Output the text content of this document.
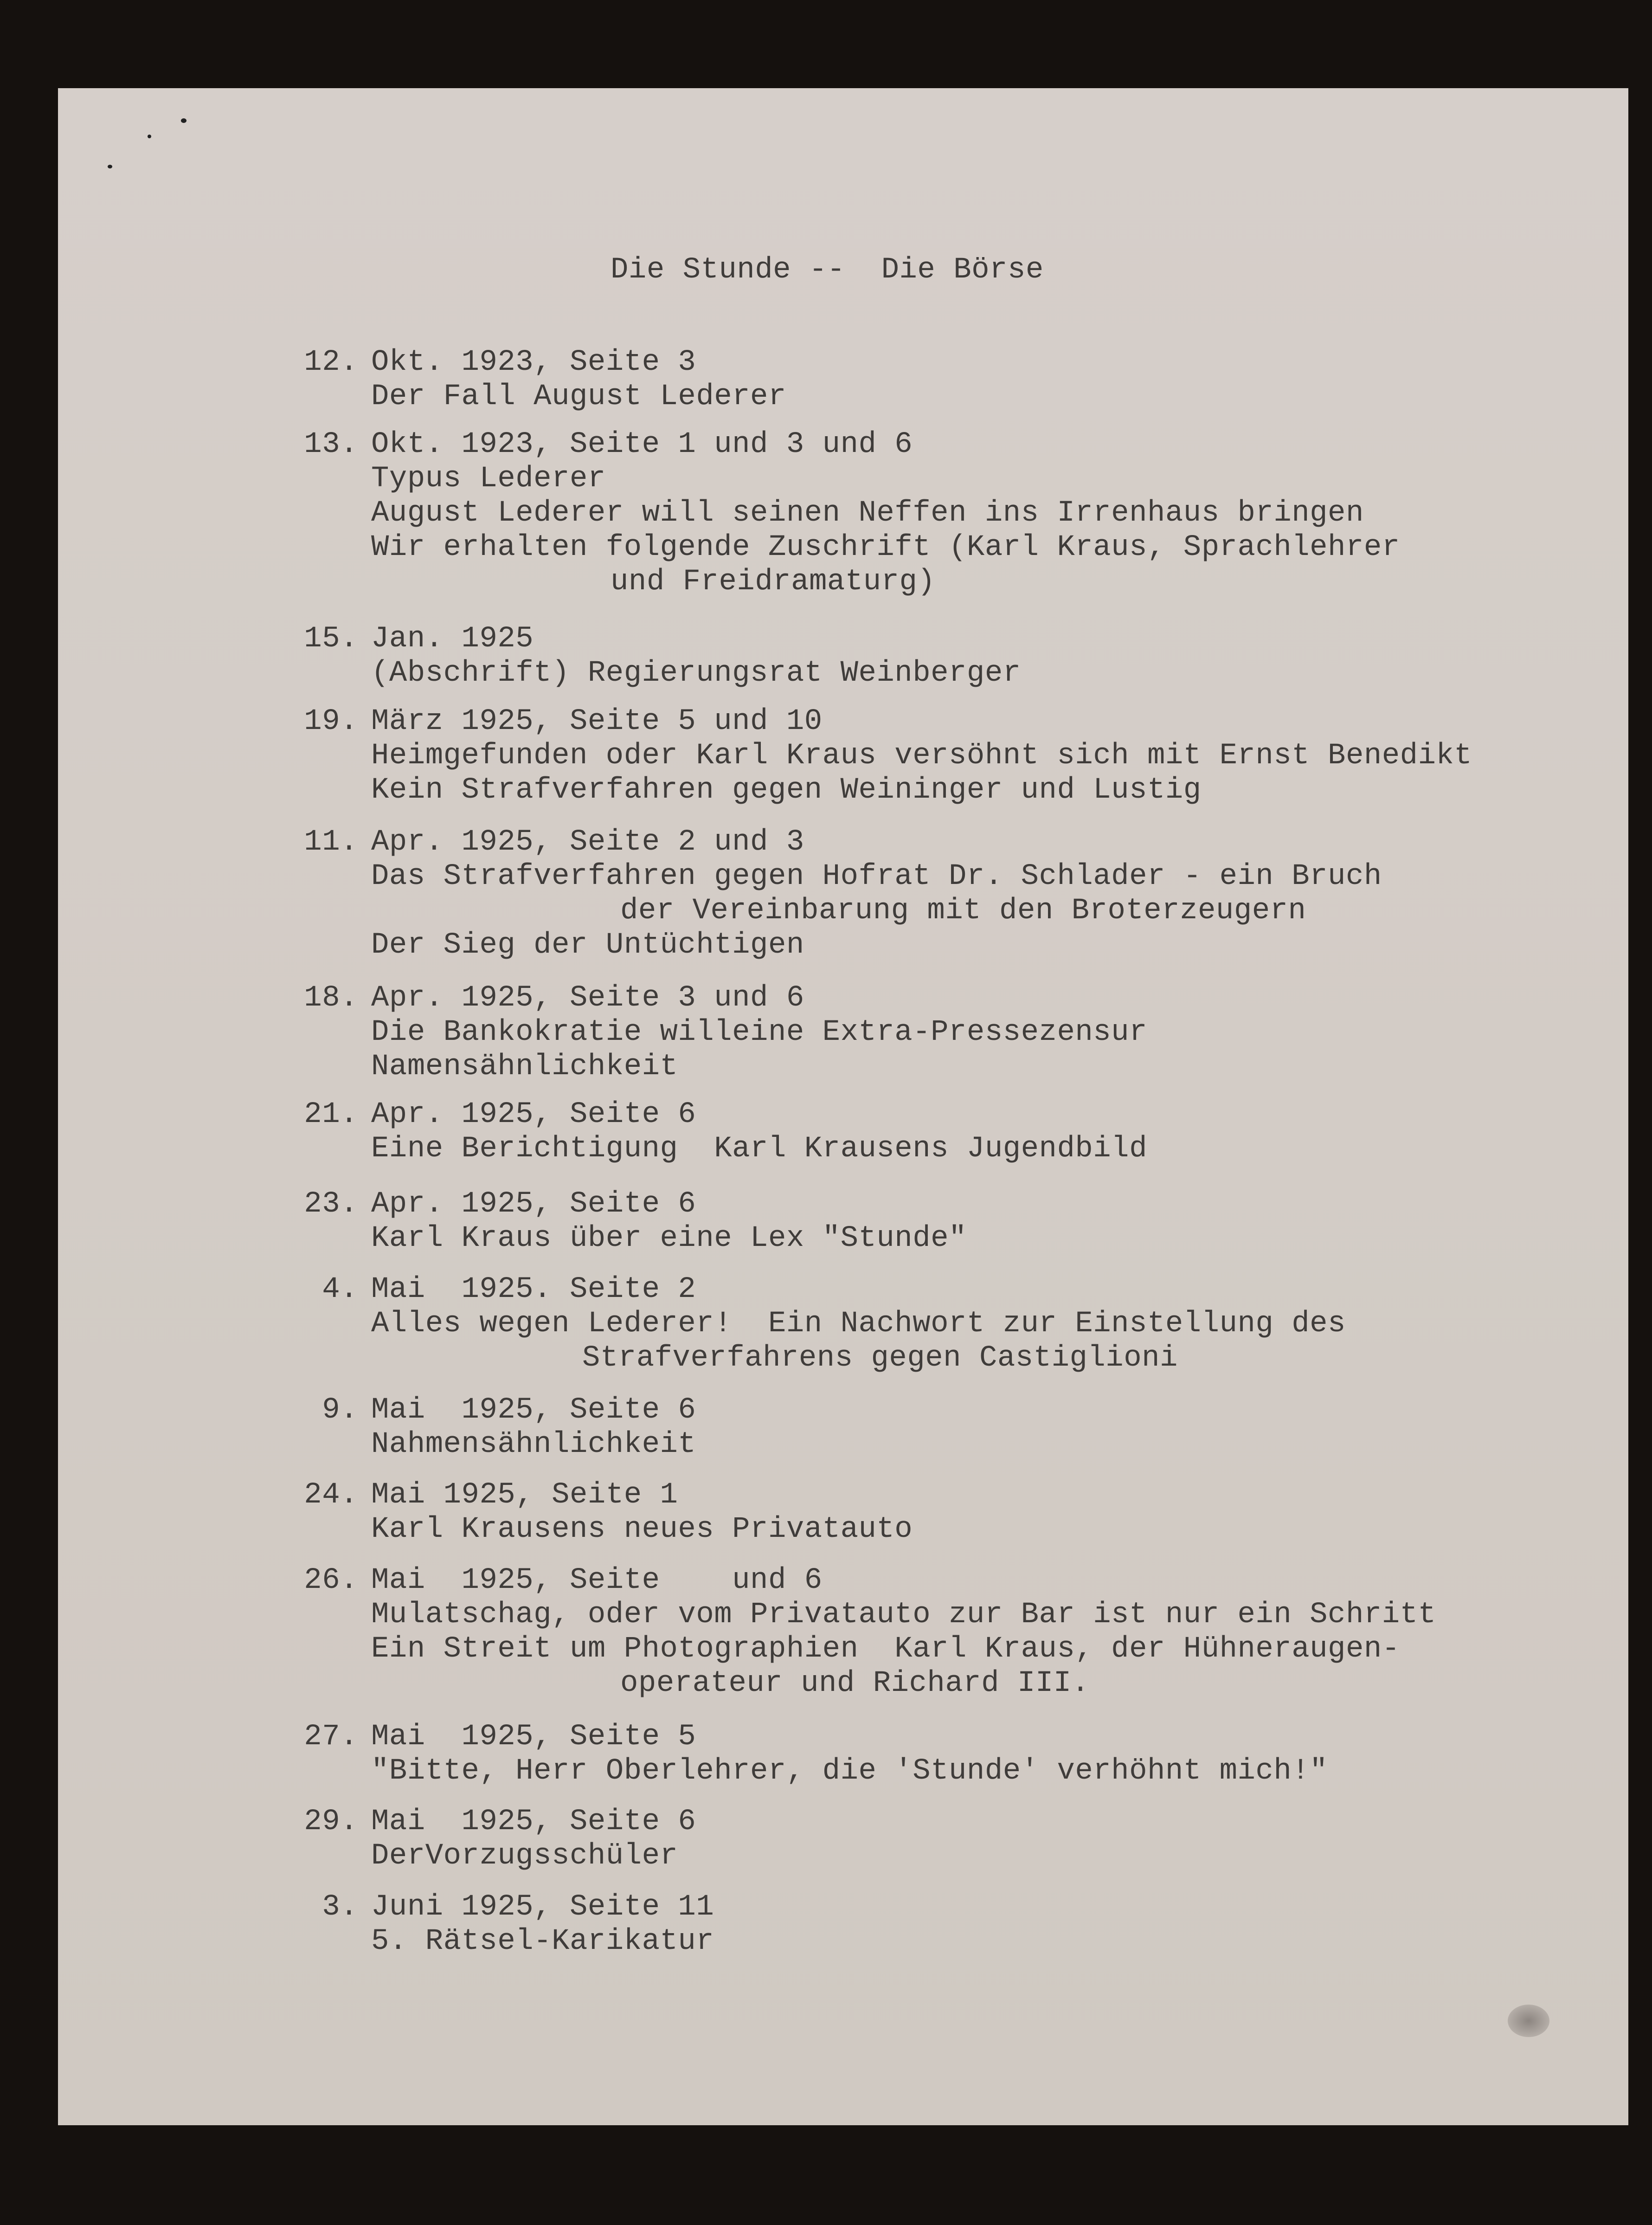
Die Stunde --  Die Börse
12. Okt. 1923, Seite 3
Der Fall August Lederer
13. Okt. 1923, Seite 1 und 3 und 6
Typus Lederer
August Lederer will seinen Neffen ins Irrenhaus bringen
Wir erhalten folgende Zuschrift (Karl Kraus, Sprachlehrer
und Freidramaturg)
15. Jan. 1925
(Abschrift) Regierungsrat Weinberger
19. März 1925, Seite 5 und 10
Heimgefunden oder Karl Kraus versöhnt sich mit Ernst Benedikt
Kein Strafverfahren gegen Weininger und Lustig
11. Apr. 1925, Seite 2 und 3
Das Strafverfahren gegen Hofrat Dr. Schlader - ein Bruch
der Vereinbarung mit den Broterzeugern
Der Sieg der Untüchtigen
18. Apr. 1925, Seite 3 und 6
Die Bankokratie willeine Extra-Pressezensur
Namensähnlichkeit
21. Apr. 1925, Seite 6
Eine Berichtigung  Karl Krausens Jugendbild
23. Apr. 1925, Seite 6
Karl Kraus über eine Lex "Stunde"
4. Mai  1925. Seite 2
Alles wegen Lederer!  Ein Nachwort zur Einstellung des
Strafverfahrens gegen Castiglioni
9. Mai  1925, Seite 6
Nahmensähnlichkeit
24. Mai 1925, Seite 1
Karl Krausens neues Privatauto
26. Mai  1925, Seite    und 6
Mulatschag, oder vom Privatauto zur Bar ist nur ein Schritt
Ein Streit um Photographien  Karl Kraus, der Hühneraugen-
operateur und Richard III.
27. Mai  1925, Seite 5
"Bitte, Herr Oberlehrer, die 'Stunde' verhöhnt mich!"
29. Mai  1925, Seite 6
DerVorzugsschüler
3. Juni 1925, Seite 11
5. Rätsel-Karikatur
